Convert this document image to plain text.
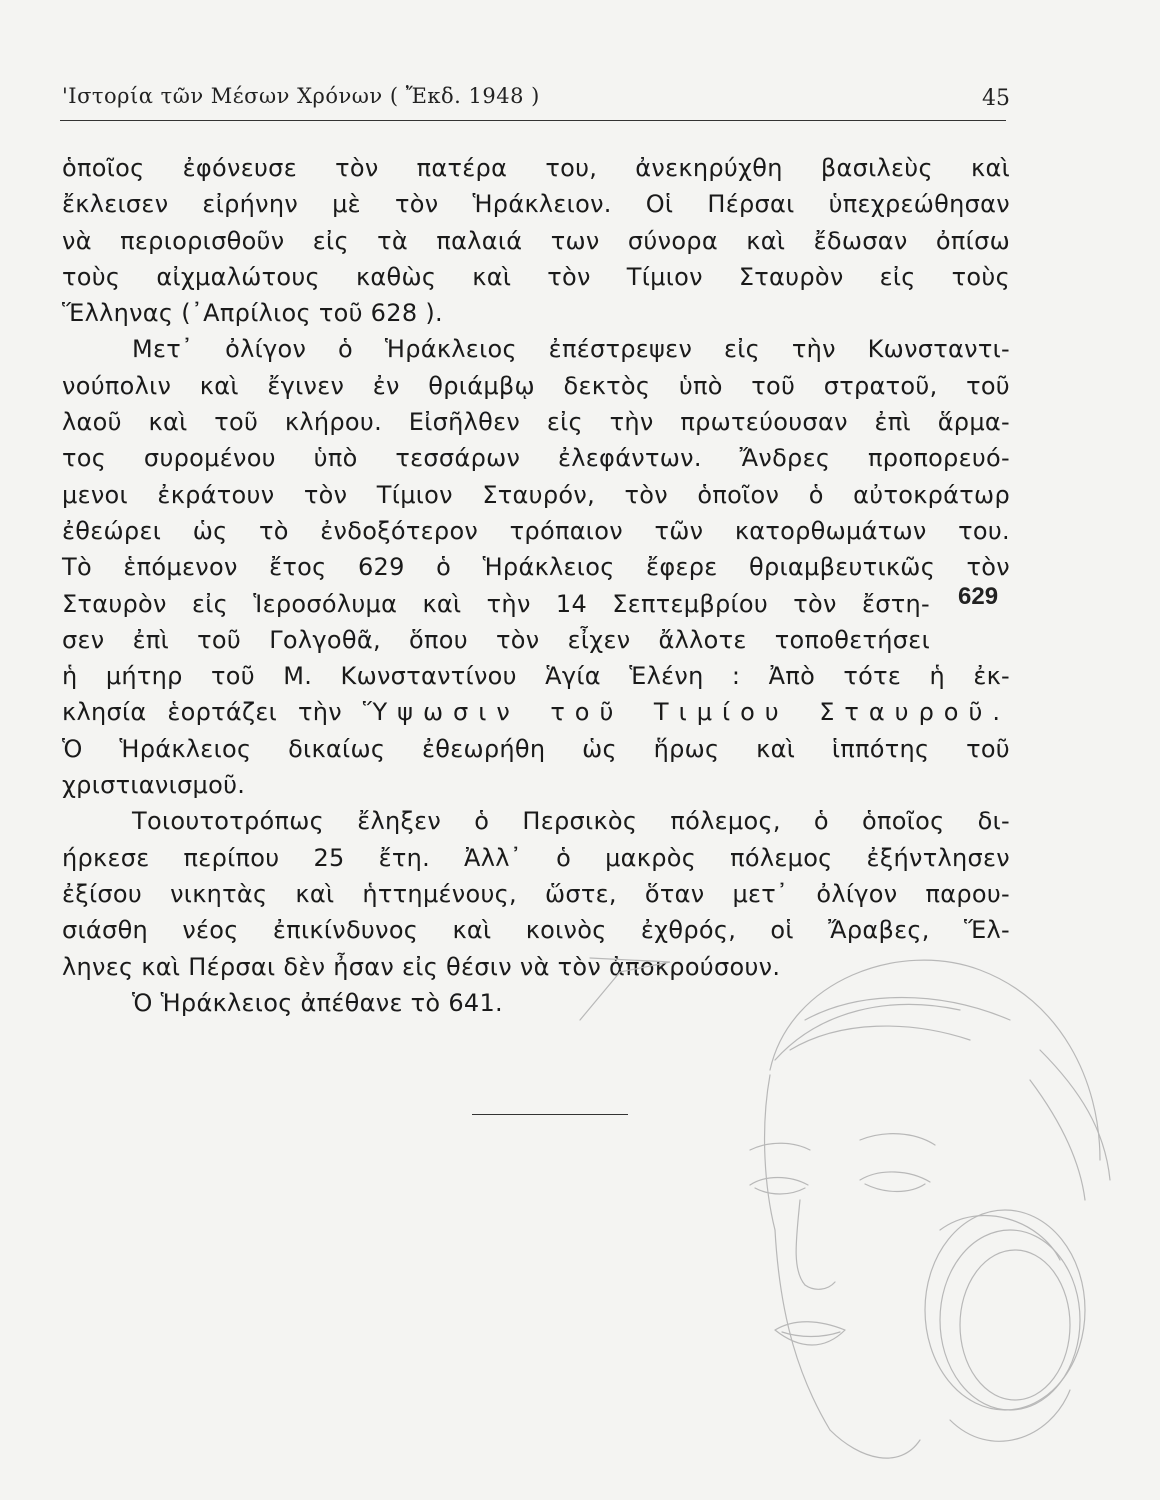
'Ιστορία τῶν Μέσων Χρόνων ( Ἔκδ. 1948 )	45
ὁποῖος ἐφόνευσε τὸν πατέρα του, ἀνεκηρύχθη βασιλεὺς καὶ
ἔκλεισεν εἰρήνην μὲ τὸν Ἡράκλειον. Οἱ Πέρσαι ὑπεχρεώθησαν
νὰ περιορισθοῦν εἰς τὰ παλαιά των σύνορα καὶ ἔδωσαν ὀπίσω
τοὺς αἰχμαλώτους καθὼς καὶ τὸν Τίμιον Σταυρὸν εἰς τοὺς
Ἕλληνας (᾿Απρίλιος τοῦ 628 ).
Μετ᾿ ὀλίγον ὁ Ἡράκλειος ἐπέστρεψεν εἰς τὴν Κωνσταντι-
νούπολιν καὶ ἔγινεν ἐν θριάμβῳ δεκτὸς ὑπὸ τοῦ στρατοῦ, τοῦ
λαοῦ καὶ τοῦ κλήρου. Εἰσῆλθεν εἰς τὴν πρωτεύουσαν ἐπὶ ἅρμα-
τος συρομένου ὑπὸ τεσσάρων ἐλεφάντων. Ἄνδρες προπορευό-
μενοι ἐκράτουν τὸν Τίμιον Σταυρόν, τὸν ὁποῖον ὁ αὐτοκράτωρ
ἐθεώρει ὡς τὸ ἐνδοξότερον τρόπαιον τῶν κατορθωμάτων του.
Τὸ ἑπόμενον ἔτος 629 ὁ Ἡράκλειος ἔφερε θριαμβευτικῶς τὸν
Σταυρὸν εἰς Ἱεροσόλυμα καὶ τὴν 14 Σεπτεμβρίου τὸν ἔστη-
σεν ἐπὶ τοῦ Γολγοθᾶ, ὅπου τὸν εἶχεν ἄλλοτε τοποθετήσει
ἡ μήτηρ τοῦ Μ. Κωνσταντίνου Ἁγία Ἑλένη : Ἀπὸ τότε ἡ ἐκ-
κλησία ἑορτάζει τὴν Ὕψωσιν τοῦ Τιμίου Σταυροῦ.
Ὁ Ἡράκλειος δικαίως ἐθεωρήθη ὡς ἥρως καὶ ἱππότης τοῦ
χριστιανισμοῦ.
Τοιουτοτρόπως ἔληξεν ὁ Περσικὸς πόλεμος, ὁ ὁποῖος δι-
ήρκεσε περίπου 25 ἔτη. Ἀλλ᾿ ὁ μακρὸς πόλεμος ἐξήντλησεν
ἐξίσου νικητὰς καὶ ἡττημένους, ὥστε, ὅταν μετ᾿ ὀλίγον παρου-
σιάσθη νέος ἐπικίνδυνος καὶ κοινὸς ἐχθρός, οἱ Ἄραβες, Ἕλ-
ληνες καὶ Πέρσαι δὲν ἦσαν εἰς θέσιν νὰ τὸν ἀποκρούσουν.
Ὁ Ἡράκλειος ἀπέθανε τὸ 641.
629
